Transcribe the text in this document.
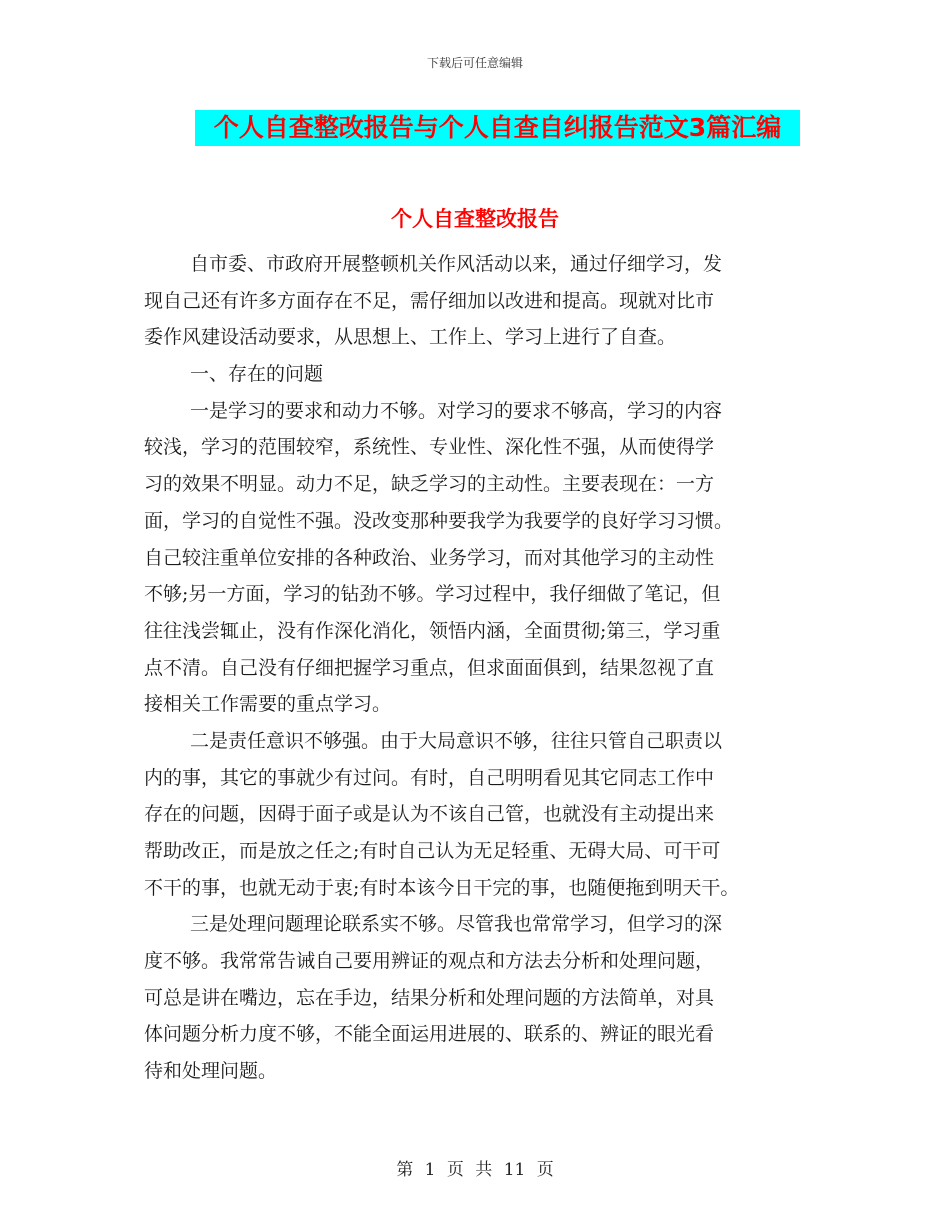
下载后可任意编辑
个人自查整改报告与个人自查自纠报告范文3篇汇编
个人自查整改报告
自市委、市政府开展整顿机关作风活动以来，通过仔细学习，发
现自己还有许多方面存在不足，需仔细加以改进和提高。现就对比市
委作风建设活动要求，从思想上、工作上、学习上进行了自查。
一、存在的问题
一是学习的要求和动力不够。对学习的要求不够高，学习的内容
较浅，学习的范围较窄，系统性、专业性、深化性不强，从而使得学
习的效果不明显。动力不足，缺乏学习的主动性。主要表现在：一方
面，学习的自觉性不强。没改变那种要我学为我要学的良好学习习惯。
自己较注重单位安排的各种政治、业务学习，而对其他学习的主动性
不够;另一方面，学习的钻劲不够。学习过程中，我仔细做了笔记，但
往往浅尝辄止，没有作深化消化，领悟内涵，全面贯彻;第三，学习重
点不清。自己没有仔细把握学习重点，但求面面俱到，结果忽视了直
接相关工作需要的重点学习。
二是责任意识不够强。由于大局意识不够，往往只管自己职责以
内的事，其它的事就少有过问。有时，自己明明看见其它同志工作中
存在的问题，因碍于面子或是认为不该自己管，也就没有主动提出来
帮助改正，而是放之任之;有时自己认为无足轻重、无碍大局、可干可
不干的事，也就无动于衷;有时本该今日干完的事，也随便拖到明天干。
三是处理问题理论联系实不够。尽管我也常常学习，但学习的深
度不够。我常常告诫自己要用辨证的观点和方法去分析和处理问题，
可总是讲在嘴边，忘在手边，结果分析和处理问题的方法简单，对具
体问题分析力度不够，不能全面运用进展的、联系的、辨证的眼光看
待和处理问题。
第 1 页 共 11 页
